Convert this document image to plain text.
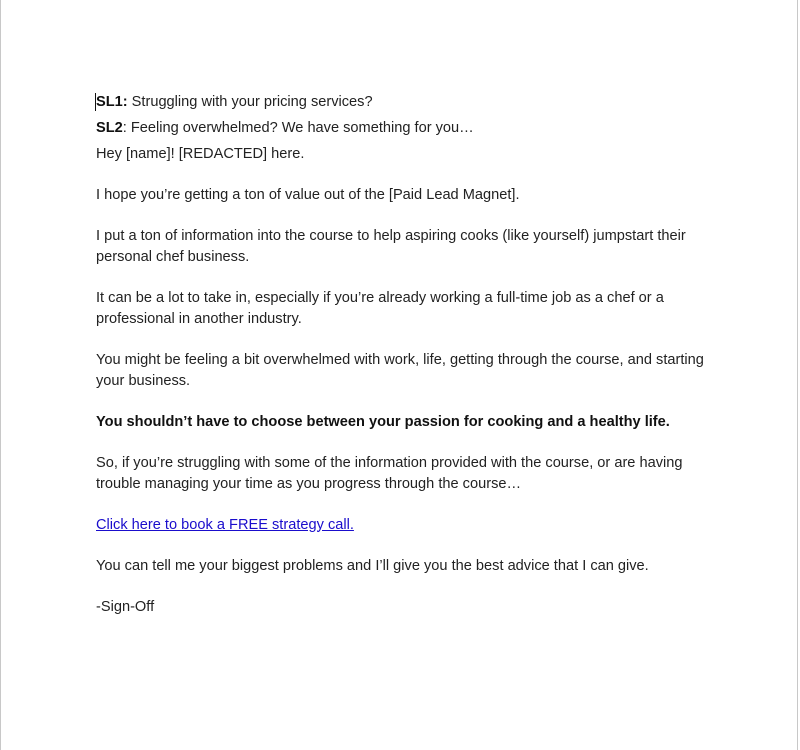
SL1: Struggling with your pricing services?
SL2: Feeling overwhelmed? We have something for you…

Hey [name]! [REDACTED] here.

I hope you’re getting a ton of value out of the [Paid Lead Magnet].

I put a ton of information into the course to help aspiring cooks (like yourself) jumpstart their personal chef business.

It can be a lot to take in, especially if you’re already working a full-time job as a chef or a professional in another industry.

You might be feeling a bit overwhelmed with work, life, getting through the course, and starting your business.

You shouldn’t have to choose between your passion for cooking and a healthy life.

So, if you’re struggling with some of the information provided with the course, or are having trouble managing your time as you progress through the course…

Click here to book a FREE strategy call.

You can tell me your biggest problems and I’ll give you the best advice that I can give.

-Sign-Off
